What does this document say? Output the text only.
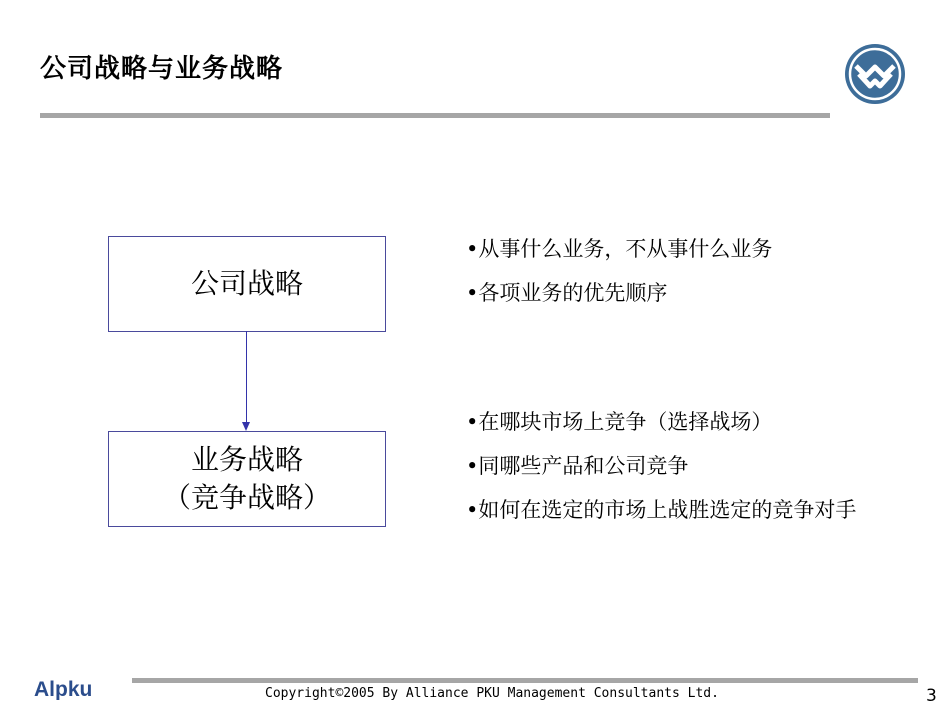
公司战略与业务战略
公司战略
业务战略
（竞争战略）
• 从事什么业务，不从事什么业务
• 各项业务的优先顺序
• 在哪块市场上竞争（选择战场）
• 同哪些产品和公司竞争
• 如何在选定的市场上战胜选定的竞争对手
Alpku	Copyright©2005 By Alliance PKU Management Consultants Ltd.	3
